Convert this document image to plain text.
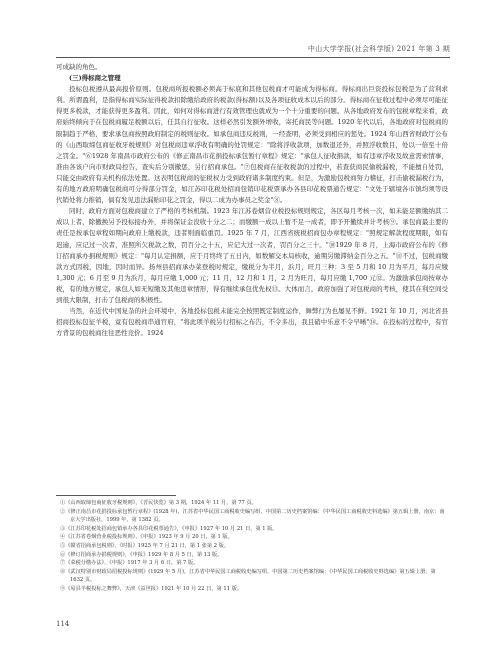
中山大学学报(社会科学版) 2021 年第 3 期

可成缺的角色。

(三)得标商之管理

投标包税遵从最高报价原则。包税商所报税额必须高于标底和其他包税商才可能成为得标商。得标商出巨资投标包税是为了营利求利。所谓盈利，是指得标商实际征得税款扣除缴给政府的税款(得标额)以及各项征收成本以后的部分。得标商在征收过程中必须尽可能征得更多税款，才能获得更多盈利。因此，如何对得标商进行有效管理也就成为一个十分重要的问题。从各地政府发布的包税章程来看，政府始终倾向于在包税商履足税额以后，任其自行征收。这样必然引发额外增收，寄托商民等问题。1920 年代以后，各地政府对包税商的限制趋于严格，要求承包商按照政府制定的税则征收。如承包商违反税则，一经查明，必须受到相应的惩处。1924 年山西省财政厅公布的《山西取缔包商征收牙税规则》对包税商违章浮收有明确的处罚规定："除将浮收款项，加数退还外，并照浮收数目，处以一倍至十倍之罚金。"⑥1928 年南昌市政府公布的《修正南昌市花捐投标承包暂行章程》规定："承包人征收捐款，如有违章浮收及故意需索情事，准由各该户向市财政局控告，查实后分别撤惩，另行招商承包。"⑦包税商在征收税款的过程中，若查获商民偷税漏税，不能擅自处罚，只能交由政府有关机构依法处置。这表明包税商的征税权力受到政府诸多制度约束。但是，为激励包税商努力稽征，打击偷税漏税行为，有的地方政府明确包税商可分得部分罚金，如江苏印花税处招商包销印花税票承办各县印花税票通告规定："文处于辖境各市镇均须等设代销处将力推销，倘有发见违法漏贴印花之罚金，得以二成为办事员之奖金"⑧。

同时，政府方面对包税商建立了严格的考核机制。1923 年江苏卷烟营业税投标规则规定，各区每月考核一次，如未能足额缴纳其二成以上者，除撤换另予投标接办外，并将保证金没收十分之二；而缴额一成以上暂不足一成者，即予开撤续并计考核⑨。承包商最主要的责任是按承包章程如期向政府上缴税款，违者则面临重罚。1925 年 7 月，江西省统税招商包办章程规定："照规定解款程度期限，如有迟逾，应记过一次者，准照所欠税款之数，罚百分之十五，应记大过一次者，罚百分之三十。"⑩1929 年 8 月，上海市政府公布的《修订招商承办捐税规则》规定："每月认定捐额，应于月终终了五日内，如数解交本局核收，逾期另缴滞纳金百分之五。"⑪不过，包税商缴款方式因税，因地，因时而异。扬州县招商承办菜登税时规定，缴税分为半月，浜月，旺月三种：3 至 5 月和 10 月为平月，每月应缴 1,300 元；6 月至 9 月为浜月，每月应缴 1,000 元；11 月，12 月和 1 月，2 月为旺月，每月应缴 1,700 元⑫。为激励承包商按章办税，有的地方规定，承包人如无短缴及其他违章情形，得有继续承包优先权⑬。大体而言，政府加强了对包税商的考核，使其在利空间受到很大限制，打击了包税商的积极性。

当然，在近代中国复杂的社会环境中，各地投标包税未能完全按照既定制度运作，舞弊行为也屡见不鲜。1921 年 10 月，河北省县招商投标包征羊税，竟有包税商串通官府，"将此项羊税另行招标之布告，不令多出，我且硝中乐意不令早晰"⑭。在投标的过程中，有官方背景的包税商往往恶性竞价。1924

①《山西取缔包商征收牙税规则》，《晋民快览》第 3 期，1924 年 11 月，第 77 页。

②《修正南昌市花捐投标承包暂行章程》(1928 年)，江苏省中华民国工商税收史编写组、中国第二历史档案馆编：《中华民国工商税收史料选编》第五辑上册，南京：南京大学出版社，1999 年，第 1382 页。

③《江苏印花税处招商包销承办各县印花税票通告》，《申报》1927 年 10 月 21 日，第 1 版。

④《江苏省卷烟营业税投标规则》，《申报》1923 年 9 月 20 日，第 1 版。

⑤《赣省招商承包税则》，《时报》1925 年 7 月 21 日，第 1 张第 2 版。

⑥《修订招商承办捐税规则》，《申报》1929 年 8 月 5 日，第 13 版。

⑦《菜税分缴办法》，《申报》1917 年 3 月 6 日，第 7 版。

⑧《武汉特别市财政局招税投标规则》(1929 年 5 月)，江苏省中华民国工商税收史编写组、中国第二历史档案馆编：《中华民国工商税收史料选编》第五辑上册，第 1632 页。

⑨《易县羊税投标之舞弊》，天津《益世报》1921 年 10 月 22 日，第 11 版。

114
